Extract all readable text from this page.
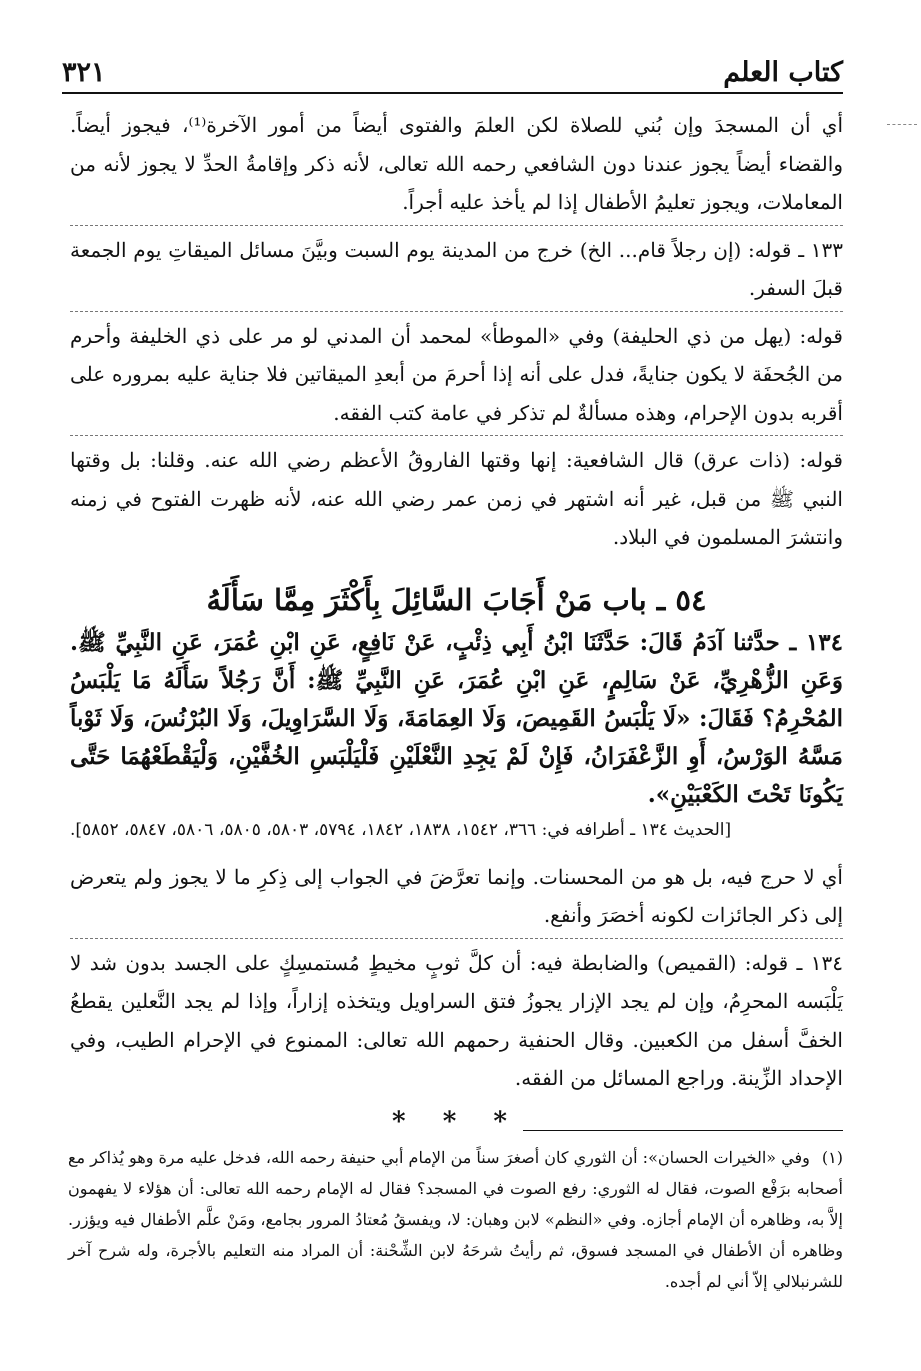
كتاب العلم
٣٢١

أي أن المسجدَ وإن بُني للصلاة لكن العلمَ والفتوى أيضاً من أمور الآخرة⁽¹⁾، فيجوز أيضاً. والقضاء أيضاً يجوز عندنا دون الشافعي رحمه الله تعالى، لأنه ذكر وإقامةُ الحدِّ لا يجوز لأنه من المعاملات، ويجوز تعليمُ الأطفال إذا لم يأخذ عليه أجراً.

١٣٣ ـ قوله: (إن رجلاً قام... الخ) خرج من المدينة يوم السبت وبيَّنَ مسائل الميقاتِ يوم الجمعة قبلَ السفر.

قوله: (يهل من ذي الحليفة) وفي «الموطأ» لمحمد أن المدني لو مر على ذي الخليفة وأحرم من الجُحفَة لا يكون جنايةً، فدل على أنه إذا أحرمَ من أبعدِ الميقاتين فلا جناية عليه بمروره على أقربه بدون الإحرام، وهذه مسألةٌ لم تذكر في عامة كتب الفقه.

قوله: (ذات عرق) قال الشافعية: إنها وقتها الفاروقُ الأعظم رضي الله عنه. وقلنا: بل وقتها النبي ﷺ من قبل، غير أنه اشتهر في زمن عمر رضي الله عنه، لأنه ظهرت الفتوح في زمنه وانتشرَ المسلمون في البلاد.

٥٤ ـ باب مَنْ أَجَابَ السَّائِلَ بِأَكْثَرَ مِمَّا سَأَلَهُ

١٣٤ ـ حدَّثنا آدَمُ قَالَ: حَدَّثَنَا ابْنُ أَبِي ذِئْبٍ، عَنْ نَافِعٍ، عَنِ ابْنِ عُمَرَ، عَنِ النَّبِيِّ ﷺ. وَعَنِ الزُّهْرِيِّ، عَنْ سَالِمٍ، عَنِ ابْنِ عُمَرَ، عَنِ النَّبِيِّ ﷺ: أَنَّ رَجُلاً سَأَلَهُ مَا يَلْبَسُ المُحْرِمُ؟ فَقَالَ: «لَا يَلْبَسُ القَمِيصَ، وَلَا العِمَامَةَ، وَلَا السَّرَاوِيلَ، وَلَا البُرْنُسَ، وَلَا ثَوْباً مَسَّهُ الوَرْسُ، أَوِ الزَّعْفَرَانُ، فَإِنْ لَمْ يَجِدِ النَّعْلَيْنِ فَلْيَلْبَسِ الخُفَّيْنِ، وَلْيَقْطَعْهُمَا حَتَّى يَكُونَا تَحْتَ الكَعْبَيْنِ».

[الحديث ١٣٤ ـ أطرافه في: ٣٦٦، ١٥٤٢، ١٨٣٨، ١٨٤٢، ٥٧٩٤، ٥٨٠٣، ٥٨٠٥، ٥٨٠٦، ٥٨٤٧، ٥٨٥٢].

أي لا حرج فيه، بل هو من المحسنات. وإنما تعرَّضَ في الجواب إلى ذِكرِ ما لا يجوز ولم يتعرض إلى ذكر الجائزات لكونه أخصَرَ وأنفع.

١٣٤ ـ قوله: (القميص) والضابطة فيه: أن كلَّ ثوبٍ مخيطٍ مُستمسِكٍ على الجسد بدون شد لا يَلْبَسه المحرِمُ، وإن لم يجد الإزار يجوزُ فتق السراويل ويتخذه إزاراً، وإذا لم يجد النَّعلين يقطعُ الخفَّ أسفل من الكعبين. وقال الحنفية رحمهم الله تعالى: الممنوع في الإحرام الطيب، وفي الإحداد الزِّينة. وراجع المسائل من الفقه.

* * *
(١)وفي «الخيرات الحسان»: أن الثوري كان أصغرَ سناً من الإمام أبي حنيفة رحمه الله، فدخل عليه مرة وهو يُذاكر مع أصحابه برَفْع الصوت، فقال له الثوري: رفع الصوت في المسجد؟ فقال له الإمام رحمه الله تعالى: أن هؤلاء لا يفهمون إلاَّ به، وظاهره أن الإمام أجازه. وفي «النظم» لابن وهبان: لا، ويفسقُ مُعتادُ المرور بجامع، ومَنْ علَّم الأطفال فيه ويؤزر. وظاهره أن الأطفال في المسجد فسوق، ثم رأيتُ شرحَهُ لابن الشِّحْنة: أن المراد منه التعليم بالأجرة، وله شرح آخر للشرنبلالي إلاّ أني لم أجده.
